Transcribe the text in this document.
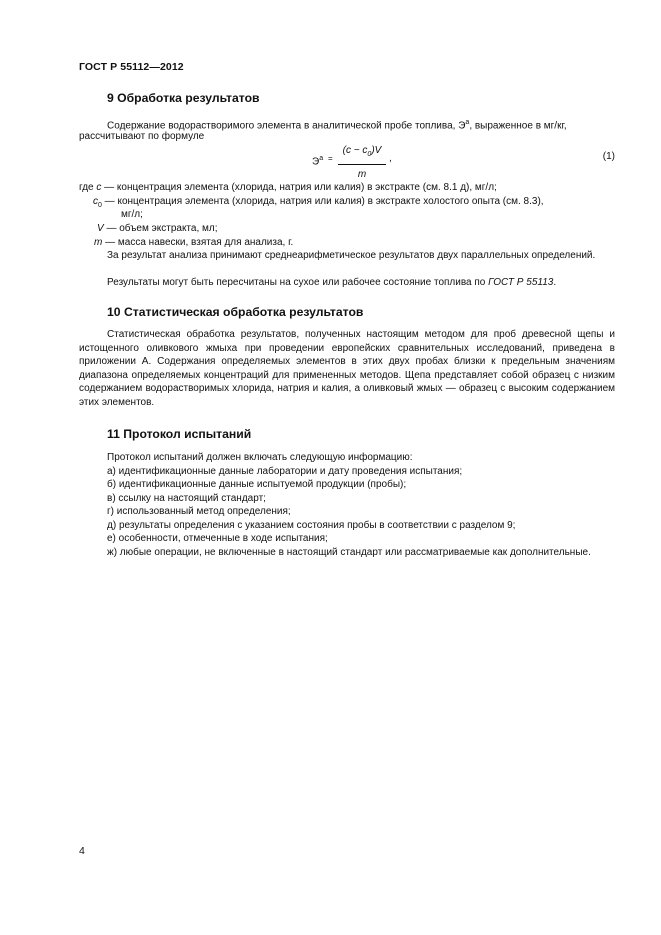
ГОСТ Р 55112—2012
9 Обработка результатов
Содержание водорастворимого элемента в аналитической пробе топлива, $Э^а$, выраженное в мг/кг,
рассчитывают по формуле
$Э^a = \frac{(c - c_0)V}{m}$ ,	(1)
где c — концентрация элемента (хлорида, натрия или калия) в экстракте (см. 8.1 д), мг/л;
$c_0$ — концентрация элемента (хлорида, натрия или калия) в экстракте холостого опыта (см. 8.3),
мг/л;
V — объем экстракта, мл;
m — масса навески, взятая для анализа, г.
За результат анализа принимают среднеарифметическое результатов двух параллельных определений.
Результаты могут быть пересчитаны на сухое или рабочее состояние топлива по ГОСТ Р 55113.
10 Статистическая обработка результатов
Статистическая обработка результатов, полученных настоящим методом для проб древесной щепы и истощенного оливкового жмыха при проведении европейских сравнительных исследований, приведена в приложении А. Содержания определяемых элементов в этих двух пробах близки к предельным значениям диапазона определяемых концентраций для примененных методов. Щепа представляет собой образец с низким содержанием водорастворимых хлорида, натрия и калия, а оливковый жмых — образец с высоким содержанием этих элементов.
11 Протокол испытаний
Протокол испытаний должен включать следующую информацию:
а) идентификационные данные лаборатории и дату проведения испытания;
б) идентификационные данные испытуемой продукции (пробы);
в) ссылку на настоящий стандарт;
г) использованный метод определения;
д) результаты определения с указанием состояния пробы в соответствии с разделом 9;
е) особенности, отмеченные в ходе испытания;
ж) любые операции, не включенные в настоящий стандарт или рассматриваемые как дополнительные.
4
